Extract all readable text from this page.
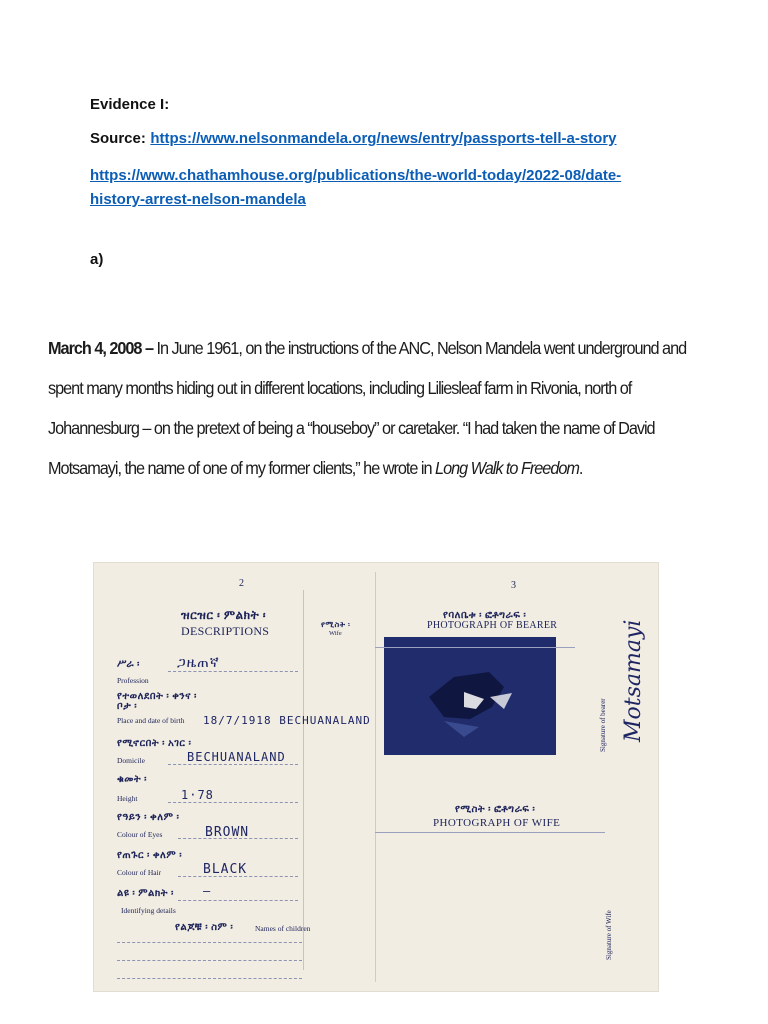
Evidence I:
Source: https://www.nelsonmandela.org/news/entry/passports-tell-a-story
https://www.chathamhouse.org/publications/the-world-today/2022-08/date-
history-arrest-nelson-mandela
a)
March 4, 2008 – In June 1961, on the instructions of the ANC, Nelson Mandela went underground and spent many months hiding out in different locations, including Liliesleaf farm in Rivonia, north of Johannesburg – on the pretext of being a “houseboy” or caretaker. “I had taken the name of David Motsamayi, the name of one of my former clients,” he wrote in Long Walk to Freedom.
2	3
ዝርዝር ፡ ምልክት ፡
DESCRIPTIONS	የሚስት ፡
Wife
የባለቤቱ ፡ ፎቶግራፍ ፡
PHOTOGRAPH OF BEARER
የሚስት ፡ ፎቶግራፍ ፡
PHOTOGRAPH OF WIFE
ሥራ ፡
Profession
ጋዜጠኛ
የተወለደበት ፡ ቀንና ፡ ቦታ ፡
Place and date of birth 18/7/1918 BECHUANALAND
የሚኖርበት ፡ አገር ፡
Domicile	BECHUANALAND
ቁመት ፡
Height	1·78
የዓይን ፡ ቀለም ፡
Colour of Eyes	BROWN
የጠጉር ፡ ቀለም ፡
Colour of Hair	BLACK
ልዩ ፡ ምልክት ፡
Identifying details
—
የልጆቹ ፡ ስም ፡	Names of children
Signature of bearer Motsamayi
Signature of Wife
